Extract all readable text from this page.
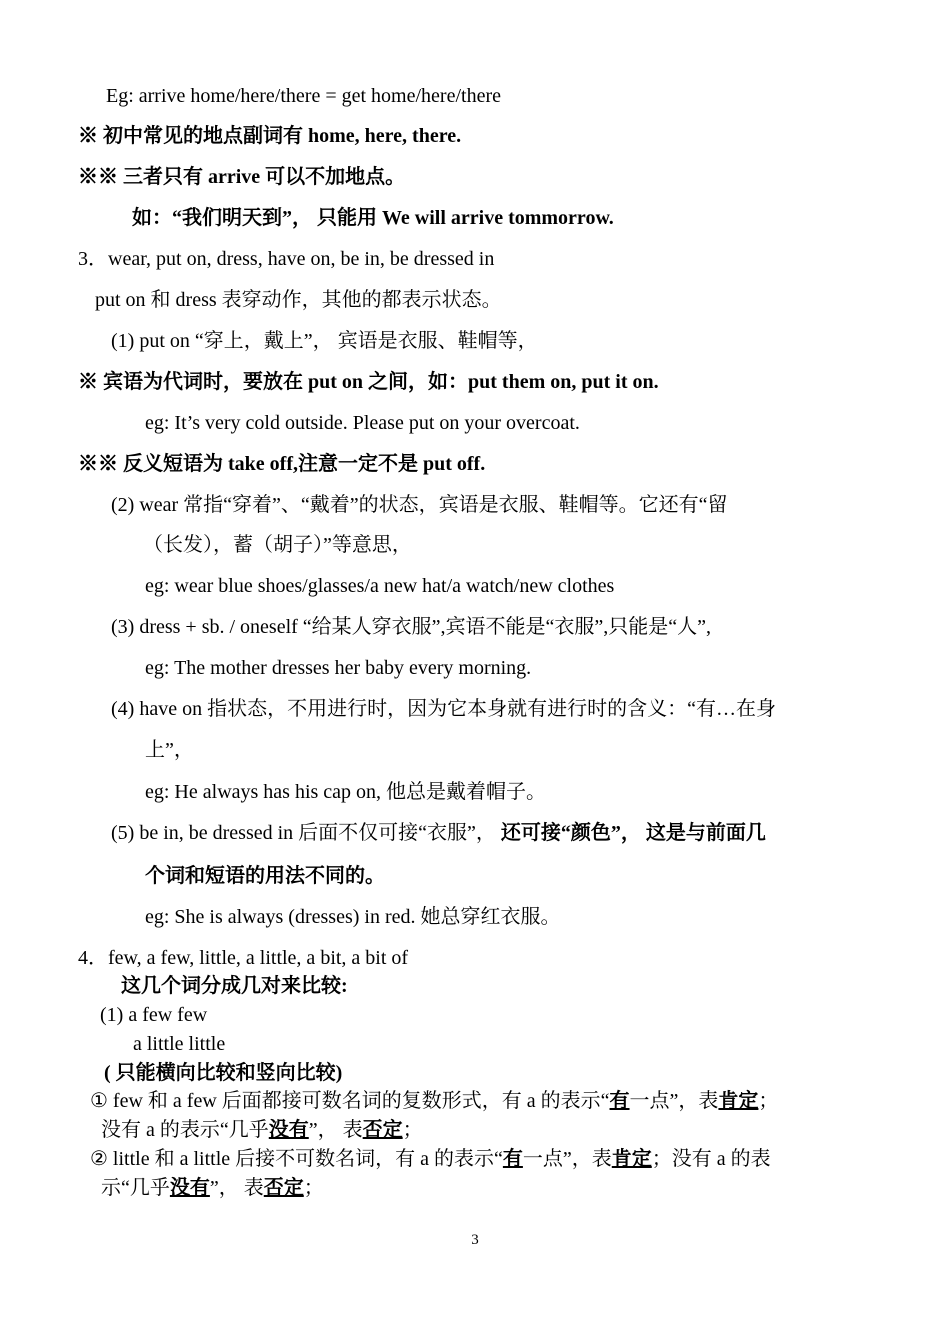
Eg: arrive home/here/there = get home/here/there
※ 初中常见的地点副词有 home, here, there.
※※ 三者只有 arrive 可以不加地点。
如：“我们明天到”， 只能用 We will arrive tommorrow.
3．wear, put on, dress, have on, be in, be dressed in
put on 和 dress 表穿动作，其他的都表示状态。
(1) put on “穿上，戴上”， 宾语是衣服、鞋帽等，
※ 宾语为代词时，要放在 put on 之间，如：put them on, put it on.
eg: It’s very cold outside. Please put on your overcoat.
※※ 反义短语为 take off,注意一定不是 put off.
(2) wear 常指“穿着”、“戴着”的状态，宾语是衣服、鞋帽等。它还有“留
（长发），蓄（胡子）”等意思，
eg: wear blue shoes/glasses/a new hat/a watch/new clothes
(3) dress + sb. / oneself “给某人穿衣服”,宾语不能是“衣服”,只能是“人”,
eg: The mother dresses her baby every morning.
(4) have on 指状态，不用进行时，因为它本身就有进行时的含义：“有…在身
上”，
eg: He always has his cap on, 他总是戴着帽子。
(5) be in, be dressed in 后面不仅可接“衣服”， 还可接“颜色”， 这是与前面几
个词和短语的用法不同的。
eg: She is always (dresses) in red. 她总穿红衣服。
4．few, a few, little, a little, a bit, a bit of
这几个词分成几对来比较:
(1) a few few
a little little
( 只能横向比较和竖向比较)
① few 和 a few 后面都接可数名词的复数形式，有 a 的表示“有一点”，表肯定；
没有 a 的表示“几乎没有”， 表否定；
② little 和 a little 后接不可数名词，有 a 的表示“有一点”，表肯定；没有 a 的表
示“几乎没有”， 表否定；
3
